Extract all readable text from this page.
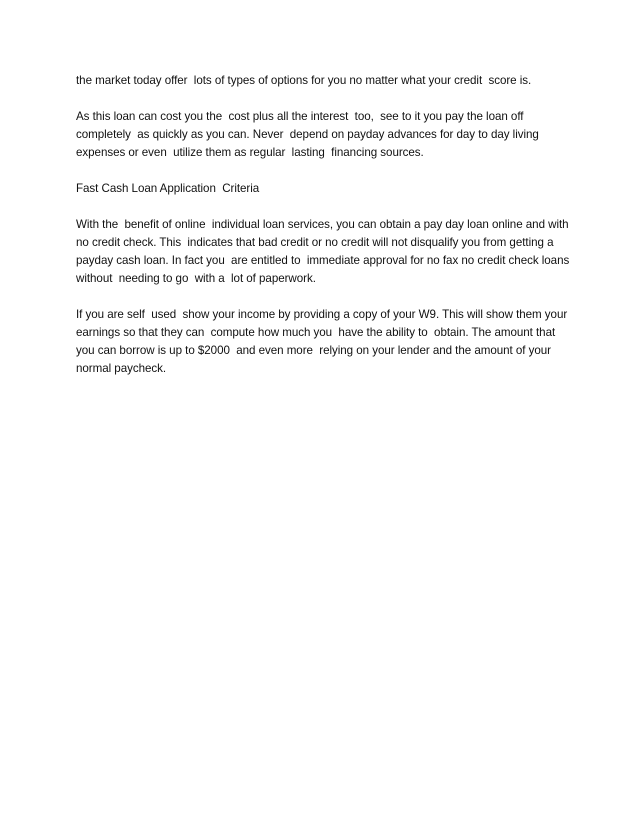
the market today offer  lots of types of options for you no matter what your credit  score is.
As this loan can cost you the  cost plus all the interest  too,  see to it you pay the loan off
completely  as quickly as you can. Never  depend on payday advances for day to day living
expenses or even  utilize them as regular  lasting  financing sources.
Fast Cash Loan Application  Criteria
With the  benefit of online  individual loan services, you can obtain a pay day loan online and with
no credit check. This  indicates that bad credit or no credit will not disqualify you from getting a
payday cash loan. In fact you  are entitled to  immediate approval for no fax no credit check loans
without  needing to go  with a  lot of paperwork.
If you are self  used  show your income by providing a copy of your W9. This will show them your
earnings so that they can  compute how much you  have the ability to  obtain. The amount that
you can borrow is up to $2000  and even more  relying on your lender and the amount of your
normal paycheck.
